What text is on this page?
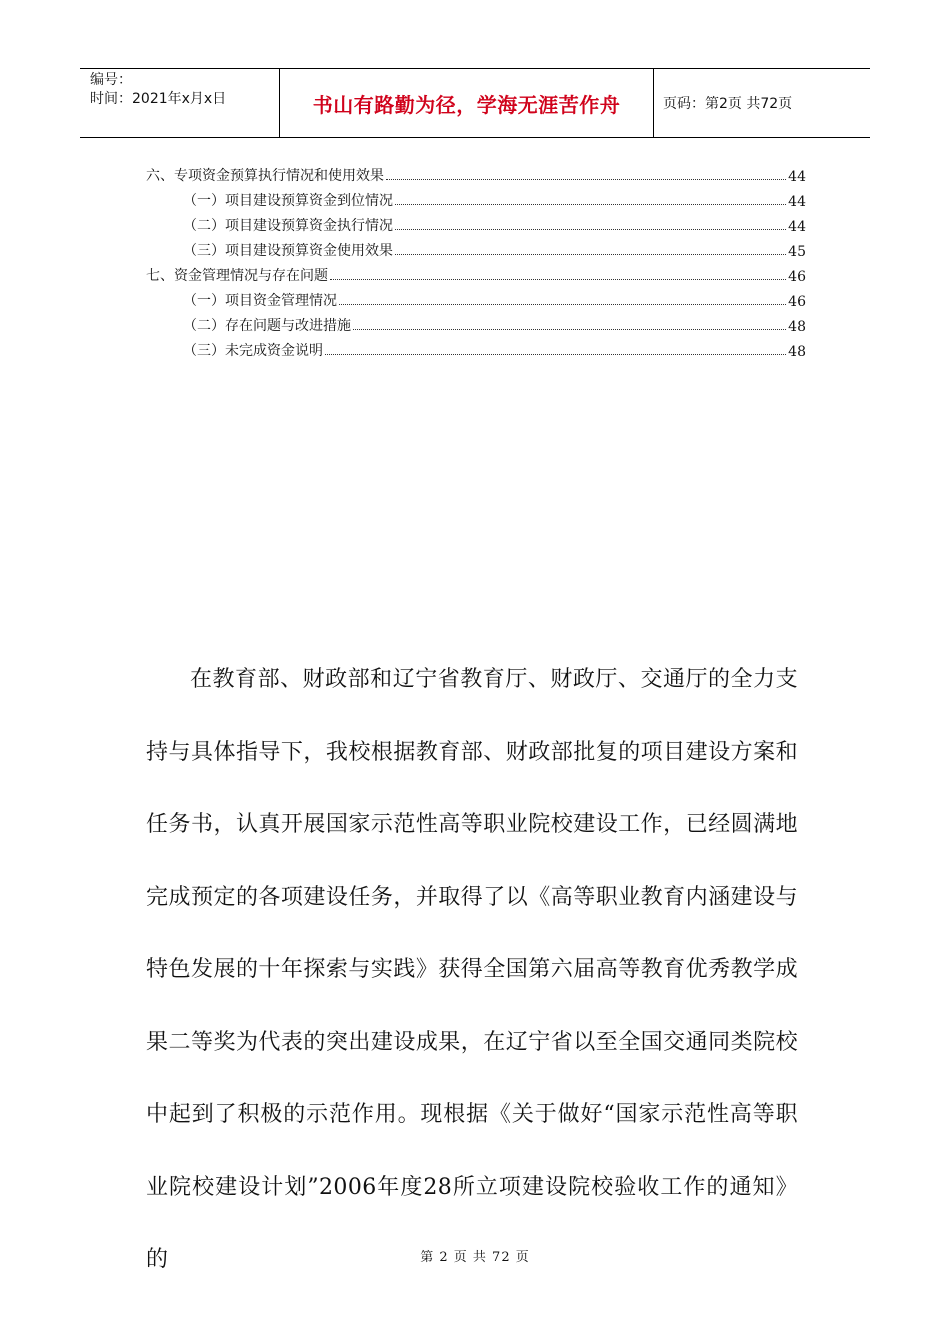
编号：
时间：2021年x月x日	书山有路勤为径，学海无涯苦作舟	页码：第2页 共72页
六、专项资金预算执行情况和使用效果	44
（一）项目建设预算资金到位情况	44
（二）项目建设预算资金执行情况	44
（三）项目建设预算资金使用效果	45
七、资金管理情况与存在问题	46
（一）项目资金管理情况	46
（二）存在问题与改进措施	48
（三）未完成资金说明	48
在教育部、财政部和辽宁省教育厅、财政厅、交通厅的全力支持与具体指导下，我校根据教育部、财政部批复的项目建设方案和任务书，认真开展国家示范性高等职业院校建设工作，已经圆满地完成预定的各项建设任务，并取得了以《高等职业教育内涵建设与特色发展的十年探索与实践》获得全国第六届高等教育优秀教学成果二等奖为代表的突出建设成果，在辽宁省以至全国交通同类院校中起到了积极的示范作用。现根据《关于做好“国家示范性高等职业院校建设计划”2006年度28所立项建设院校验收工作的通知》的	第 2 页 共 72 页
